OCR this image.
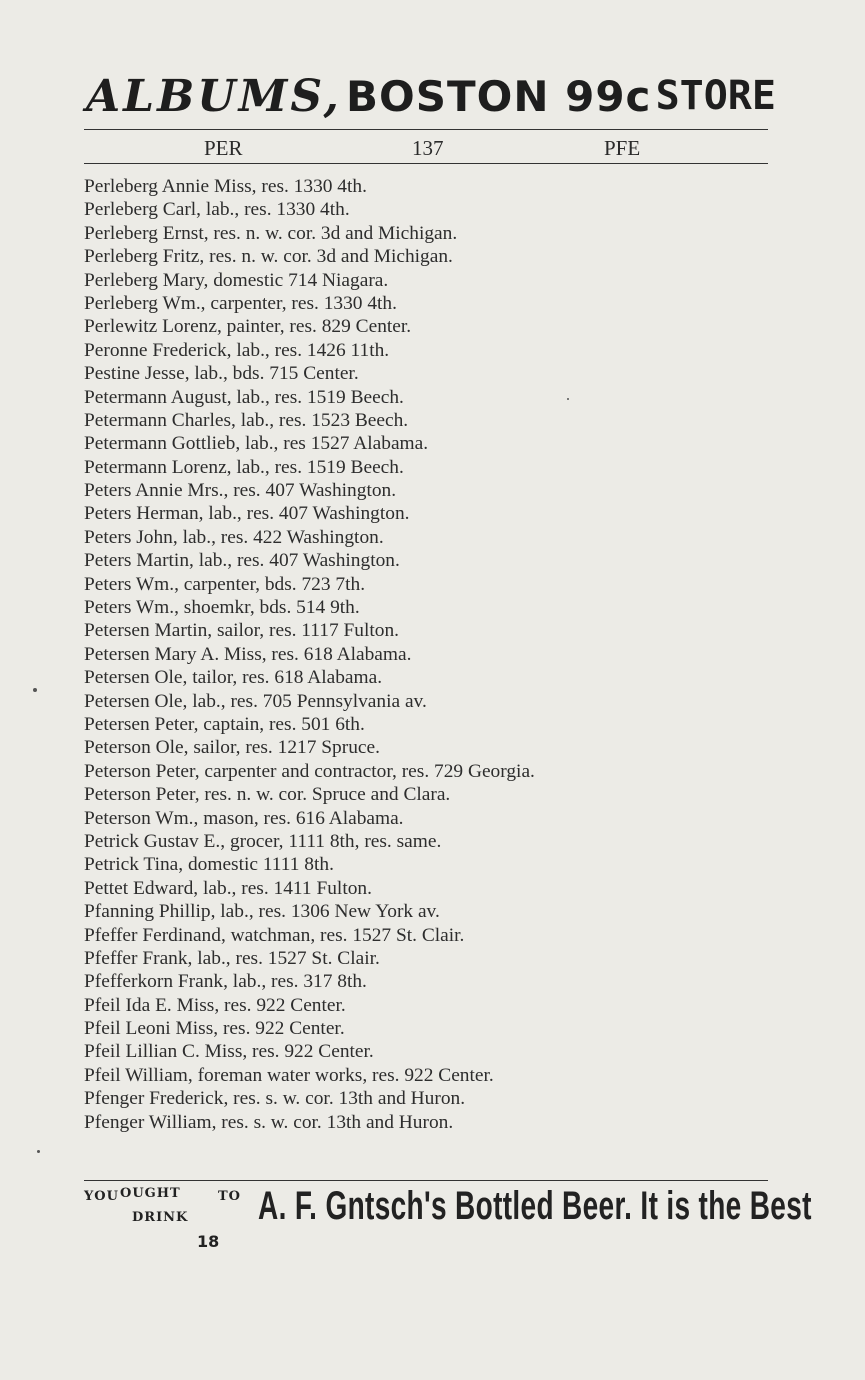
ALBUMS, BOSTON 99c STORE
PER	137	PFE
Perleberg Annie Miss, res. 1330 4th.
Perleberg Carl, lab., res. 1330 4th.
Perleberg Ernst, res. n. w. cor. 3d and Michigan.
Perleberg Fritz, res. n. w. cor. 3d and Michigan.
Perleberg Mary, domestic 714 Niagara.
Perleberg Wm., carpenter, res. 1330 4th.
Perlewitz Lorenz, painter, res. 829 Center.
Peronne Frederick, lab., res. 1426 11th.
Pestine Jesse, lab., bds. 715 Center.
Petermann August, lab., res. 1519 Beech.
Petermann Charles, lab., res. 1523 Beech.
Petermann Gottlieb, lab., res 1527 Alabama.
Petermann Lorenz, lab., res. 1519 Beech.
Peters Annie Mrs., res. 407 Washington.
Peters Herman, lab., res. 407 Washington.
Peters John, lab., res. 422 Washington.
Peters Martin, lab., res. 407 Washington.
Peters Wm., carpenter, bds. 723 7th.
Peters Wm., shoemkr, bds. 514 9th.
Petersen Martin, sailor, res. 1117 Fulton.
Petersen Mary A. Miss, res. 618 Alabama.
Petersen Ole, tailor, res. 618 Alabama.
Petersen Ole, lab., res. 705 Pennsylvania av.
Petersen Peter, captain, res. 501 6th.
Peterson Ole, sailor, res. 1217 Spruce.
Peterson Peter, carpenter and contractor, res. 729 Georgia.
Peterson Peter, res. n. w. cor. Spruce and Clara.
Peterson Wm., mason, res. 616 Alabama.
Petrick Gustav E., grocer, 1111 8th, res. same.
Petrick Tina, domestic 1111 8th.
Pettet Edward, lab., res. 1411 Fulton.
Pfanning Phillip, lab., res. 1306 New York av.
Pfeffer Ferdinand, watchman, res. 1527 St. Clair.
Pfeffer Frank, lab., res. 1527 St. Clair.
Pfefferkorn Frank, lab., res. 317 8th.
Pfeil Ida E. Miss, res. 922 Center.
Pfeil Leoni Miss, res. 922 Center.
Pfeil Lillian C. Miss, res. 922 Center.
Pfeil William, foreman water works, res. 922 Center.
Pfenger Frederick, res. s. w. cor. 13th and Huron.
Pfenger William, res. s. w. cor. 13th and Huron.
YOU OUGHT	TO
DRINK A. F. Gntsch's Bottled Beer. It is the Best
18
